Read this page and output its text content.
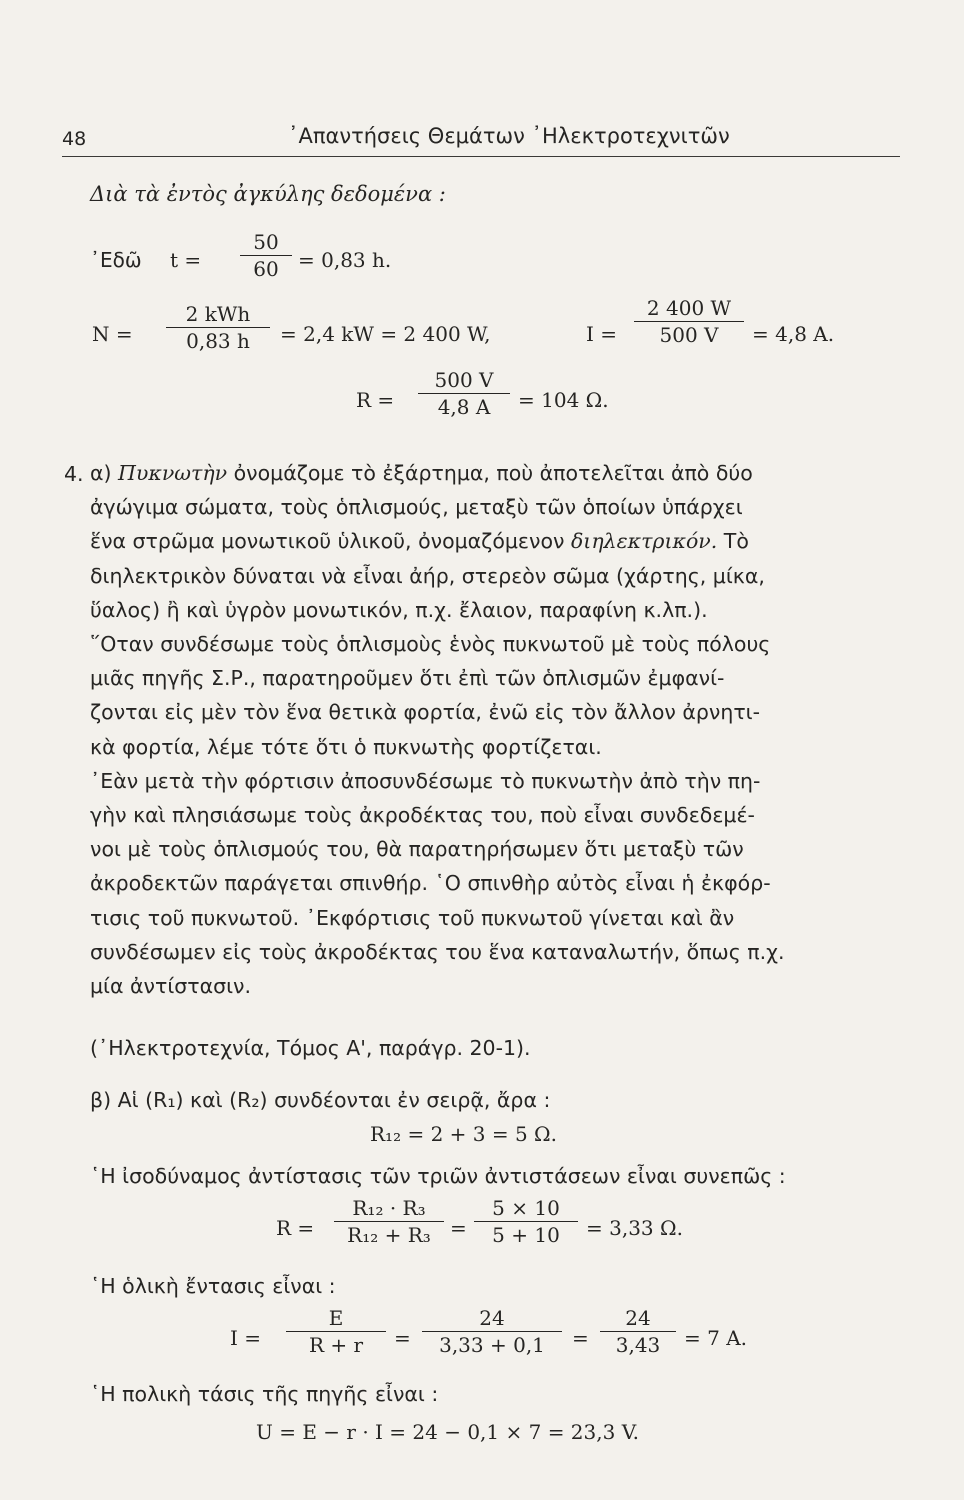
48	᾿Απαντήσεις Θεμάτων ᾿Ηλεκτροτεχνιτῶν
Διὰ τὰ ἐντὸς ἀγκύλης δεδομένα :
᾿Εδῶ t =
50
60 = 0,83 h.
N =
2 kWh
0,83 h	= 2,4 kW = 2 400 W,	I =
2 400 W
500 V	= 4,8 A.
R =
500 V
4,8 A	= 104 Ω.
4. α) Πυκνωτὴν ὀνομάζομε τὸ ἐξάρτημα, ποὺ ἀποτελεῖται ἀπὸ δύο

ἀγώγιμα σώματα, τοὺς ὁπλισμούς, μεταξὺ τῶν ὁποίων ὑπάρχει

ἕνα στρῶμα μονωτικοῦ ὑλικοῦ, ὀνομαζόμενον διηλεκτρικόν. Τὸ

διηλεκτρικὸν δύναται νὰ εἶναι ἀήρ, στερεὸν σῶμα (χάρτης, μίκα,

ὕαλος) ἢ καὶ ὑγρὸν μονωτικόν, π.χ. ἔλαιον, παραφίνη κ.λπ.).

῞Οταν συνδέσωμε τοὺς ὁπλισμοὺς ἑνὸς πυκνωτοῦ μὲ τοὺς πόλους

μιᾶς πηγῆς Σ.Ρ., παρατηροῦμεν ὅτι ἐπὶ τῶν ὁπλισμῶν ἐμφανί-

ζονται εἰς μὲν τὸν ἕνα θετικὰ φορτία, ἐνῶ εἰς τὸν ἄλλον ἀρνητι-

κὰ φορτία, λέμε τότε ὅτι ὁ πυκνωτὴς φορτίζεται.

᾿Εὰν μετὰ τὴν φόρτισιν ἀποσυνδέσωμε τὸ πυκνωτὴν ἀπὸ τὴν πη-

γὴν καὶ πλησιάσωμε τοὺς ἀκροδέκτας του, ποὺ εἶναι συνδεδεμέ-

νοι μὲ τοὺς ὁπλισμούς του, θὰ παρατηρήσωμεν ὅτι μεταξὺ τῶν

ἀκροδεκτῶν παράγεται σπινθήρ. ῾Ο σπινθὴρ αὐτὸς εἶναι ἡ ἐκφόρ-

τισις τοῦ πυκνωτοῦ. ᾿Εκφόρτισις τοῦ πυκνωτοῦ γίνεται καὶ ἂν

συνδέσωμεν εἰς τοὺς ἀκροδέκτας του ἕνα καταναλωτήν, ὅπως π.χ.

μία ἀντίστασιν.

(᾿Ηλεκτροτεχνία, Τόμος Α', παράγρ. 20-1).
β) Αἱ (R₁) καὶ (R₂) συνδέονται ἐν σειρᾷ, ἄρα :
R₁₂ = 2 + 3 = 5 Ω.
῾Η ἰσοδύναμος ἀντίστασις τῶν τριῶν ἀντιστάσεων εἶναι συνεπῶς :
R =
R₁₂ · R₃
R₁₂ + R₃ =
5 × 10
5 + 10	= 3,33 Ω.
῾Η ὁλικὴ ἔντασις εἶναι :
I =
E
R + r	=
24
3,33 + 0,1	=
24
3,43	= 7 A.
῾Η πολικὴ τάσις τῆς πηγῆς εἶναι :
U = E − r · I = 24 − 0,1 × 7 = 23,3 V.
